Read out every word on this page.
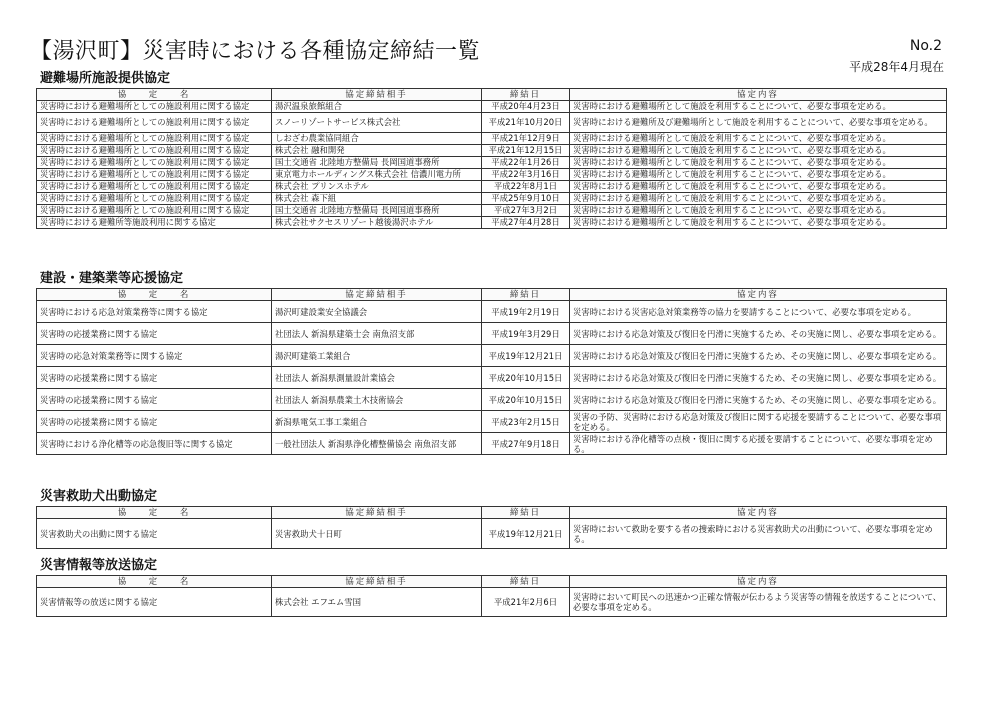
【湯沢町】災害時における各種協定締結一覧	No.2
平成28年4月現在
避難場所施設提供協定
協　　定　　名	協定締結相手	締結日	協定内容
災害時における避難場所としての施設利用に関する協定	湯沢温泉旅館組合	平成20年4月23日	災害時における避難場所として施設を利用することについて、必要な事項を定める。
災害時における避難場所としての施設利用に関する協定	スノーリゾートサービス株式会社	平成21年10月20日	災害時における避難所及び避難場所として施設を利用することについて、必要な事項を定める。
災害時における避難場所としての施設利用に関する協定	しおざわ農業協同組合	平成21年12月9日	災害時における避難場所として施設を利用することについて、必要な事項を定める。
災害時における避難場所としての施設利用に関する協定	株式会社 融和開発	平成21年12月15日	災害時における避難場所として施設を利用することについて、必要な事項を定める。
災害時における避難場所としての施設利用に関する協定	国土交通省 北陸地方整備局 長岡国道事務所	平成22年1月26日	災害時における避難場所として施設を利用することについて、必要な事項を定める。
災害時における避難場所としての施設利用に関する協定	東京電力ホールディングス株式会社 信濃川電力所	平成22年3月16日	災害時における避難場所として施設を利用することについて、必要な事項を定める。
災害時における避難場所としての施設利用に関する協定	株式会社 プリンスホテル	平成22年8月1日	災害時における避難場所として施設を利用することについて、必要な事項を定める。
災害時における避難場所としての施設利用に関する協定	株式会社 森下組	平成25年9月10日	災害時における避難場所として施設を利用することについて、必要な事項を定める。
災害時における避難場所としての施設利用に関する協定	国土交通省 北陸地方整備局 長岡国道事務所	平成27年3月2日	災害時における避難場所として施設を利用することについて、必要な事項を定める。
災害時における避難所等施設利用に関する協定	株式会社サクセスリゾート越後湯沢ホテル	平成27年4月28日	災害時における避難場所として施設を利用することについて、必要な事項を定める。
建設・建築業等応援協定
協　　定　　名	協定締結相手	締結日	協定内容
災害時における応急対策業務等に関する協定	湯沢町建設業安全協議会	平成19年2月19日	災害時における災害応急対策業務等の協力を要請することについて、必要な事項を定める。
災害時の応援業務に関する協定	社団法人 新潟県建築士会 南魚沼支部	平成19年3月29日	災害時における応急対策及び復旧を円滑に実施するため、その実施に関し、必要な事項を定める。
災害時の応急対策業務等に関する協定	湯沢町建築工業組合	平成19年12月21日	災害時における応急対策及び復旧を円滑に実施するため、その実施に関し、必要な事項を定める。
災害時の応援業務に関する協定	社団法人 新潟県測量設計業協会	平成20年10月15日	災害時における応急対策及び復旧を円滑に実施するため、その実施に関し、必要な事項を定める。
災害時の応援業務に関する協定	社団法人 新潟県農業土木技術協会	平成20年10月15日	災害時における応急対策及び復旧を円滑に実施するため、その実施に関し、必要な事項を定める。
災害時の応援業務に関する協定	新潟県電気工事工業組合	平成23年2月15日	災害の予防、災害時における応急対策及び復旧に関する応援を要請することについて、必要な事項を定める。
災害時における浄化槽等の応急復旧等に関する協定	一般社団法人 新潟県浄化槽整備協会 南魚沼支部	平成27年9月18日	災害時における浄化槽等の点検・復旧に関する応援を要請することについて、必要な事項を定める。
災害救助犬出動協定
協　　定　　名	協定締結相手	締結日	協定内容
災害救助犬の出動に関する協定	災害救助犬十日町	平成19年12月21日	災害時において救助を要する者の捜索時における災害救助犬の出動について、必要な事項を定める。
災害情報等放送協定
協　　定　　名	協定締結相手	締結日	協定内容
災害情報等の放送に関する協定	株式会社 エフエム雪国	平成21年2月6日	災害時において町民への迅速かつ正確な情報が伝わるよう災害等の情報を放送することについて、必要な事項を定める。
